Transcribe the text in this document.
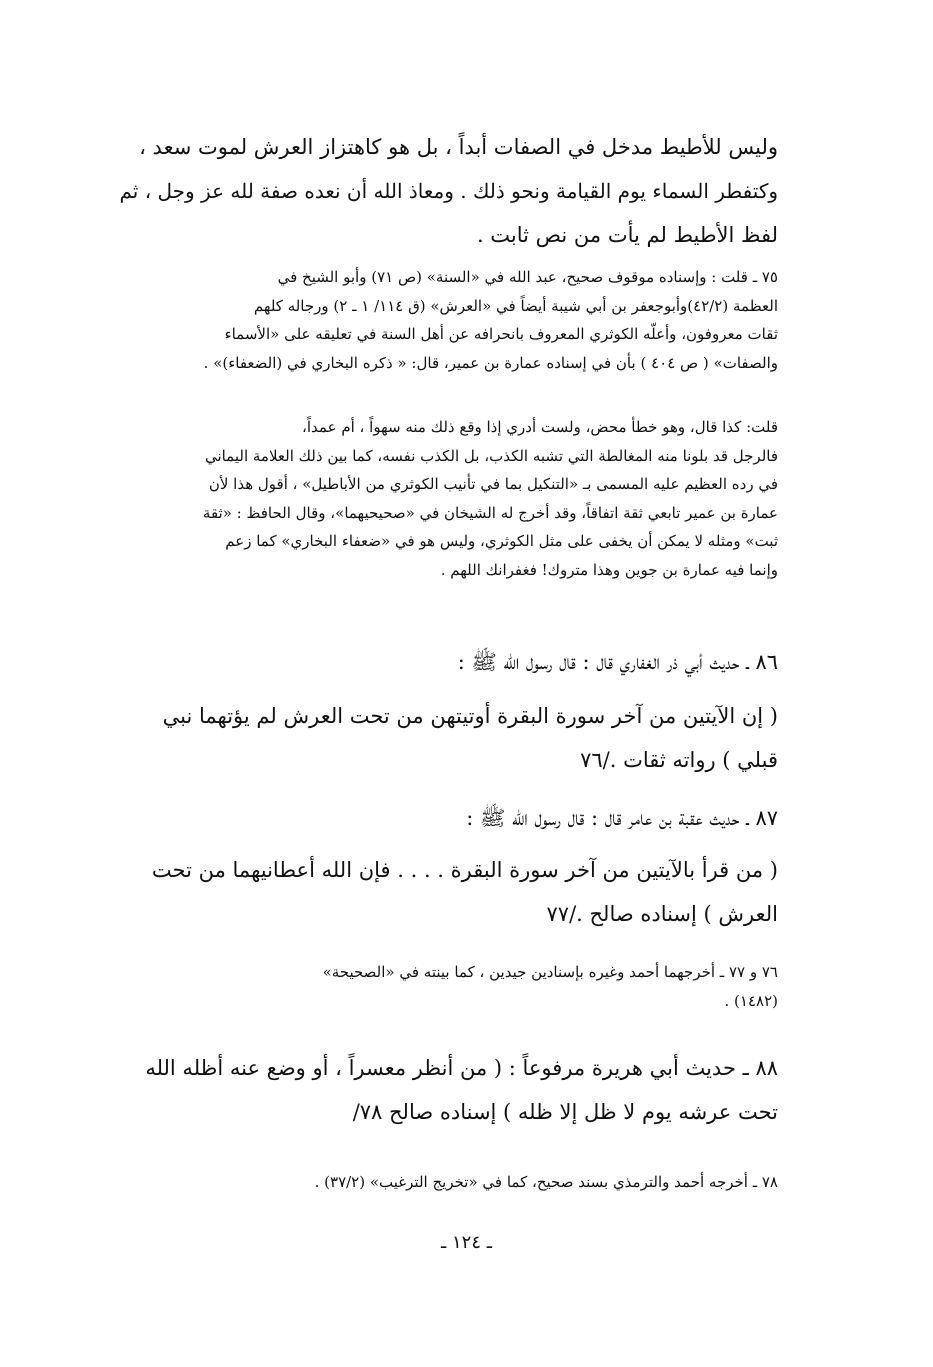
وليس للأطيط مدخل في الصفات أبداً ، بل هو كاهتزاز العرش لموت سعد ،
وكتفطر السماء يوم القيامة ونحو ذلك . ومعاذ الله أن نعده صفة لله عز وجل ، ثم
لفظ الأطيط لم يأت من نص ثابت .
٧٥ ـ قلت : وإسناده موقوف صحيح، عبد الله في «السنة» (ص ٧١) وأبو الشيخ في
العظمة (٤٢/٢)وأبوجعفر بن أبي شيبة أيضاً في «العرش» (ق ١١٤/ ١ ـ ٢) ورجاله كلهم
ثقات معروفون، وأعلّه الكوثري المعروف بانحرافه عن أهل السنة في تعليقه على «الأسماء
والصفات» ( ص ٤٠٤ ) بأن في إسناده عمارة بن عمير، قال: « ذكره البخاري في (الضعفاء)» .
قلت: كذا قال، وهو خطأ محض، ولست أدري إذا وقع ذلك منه سهواً ، أم عمداً،
فالرجل قد بلونا منه المغالطة التي تشبه الكذب، بل الكذب نفسه، كما بين ذلك العلامة اليماني
في رده العظيم عليه المسمى بـ «التنكيل بما في تأنيب الكوثري من الأباطيل» ، أقول هذا لأن
عمارة بن عمير تابعي ثقة اتفاقاً، وقد أخرج له الشيخان في «صحيحيهما»، وقال الحافظ : «ثقة
ثبت» ومثله لا يمكن أن يخفى على مثل الكوثري، وليس هو في «ضعفاء البخاري» كما زعم
وإنما فيه عمارة بن جوين وهذا متروك! فغفرانك اللهم .
٨٦ ـ حديث أبي ذر الغفاري قال : قال رسول الله ﷺ :
( إن الآيتين من آخر سورة البقرة أوتيتهن من تحت العرش لم يؤتهما نبي
قبلي ) رواته ثقات ./٧٦
٨٧ ـ حديث عقبة بن عامر قال : قال رسول الله ﷺ :
( من قرأ بالآيتين من آخر سورة البقرة . . . . فإن الله أعطانيهما من تحت
العرش ) إسناده صالح ./٧٧
٧٦ و ٧٧ ـ أخرجهما أحمد وغيره بإسنادين جيدين ، كما بينته في «الصحيحة»
(١٤٨٢) .
٨٨ ـ حديث أبي هريرة مرفوعاً : ( من أنظر معسراً ، أو وضع عنه أظله الله
تحت عرشه يوم لا ظل إلا ظله ) إسناده صالح ٧٨/
٧٨ ـ أخرجه أحمد والترمذي بسند صحيح، كما في «تخريج الترغيب» (٣٧/٢) .
ـ ١٢٤ ـ
